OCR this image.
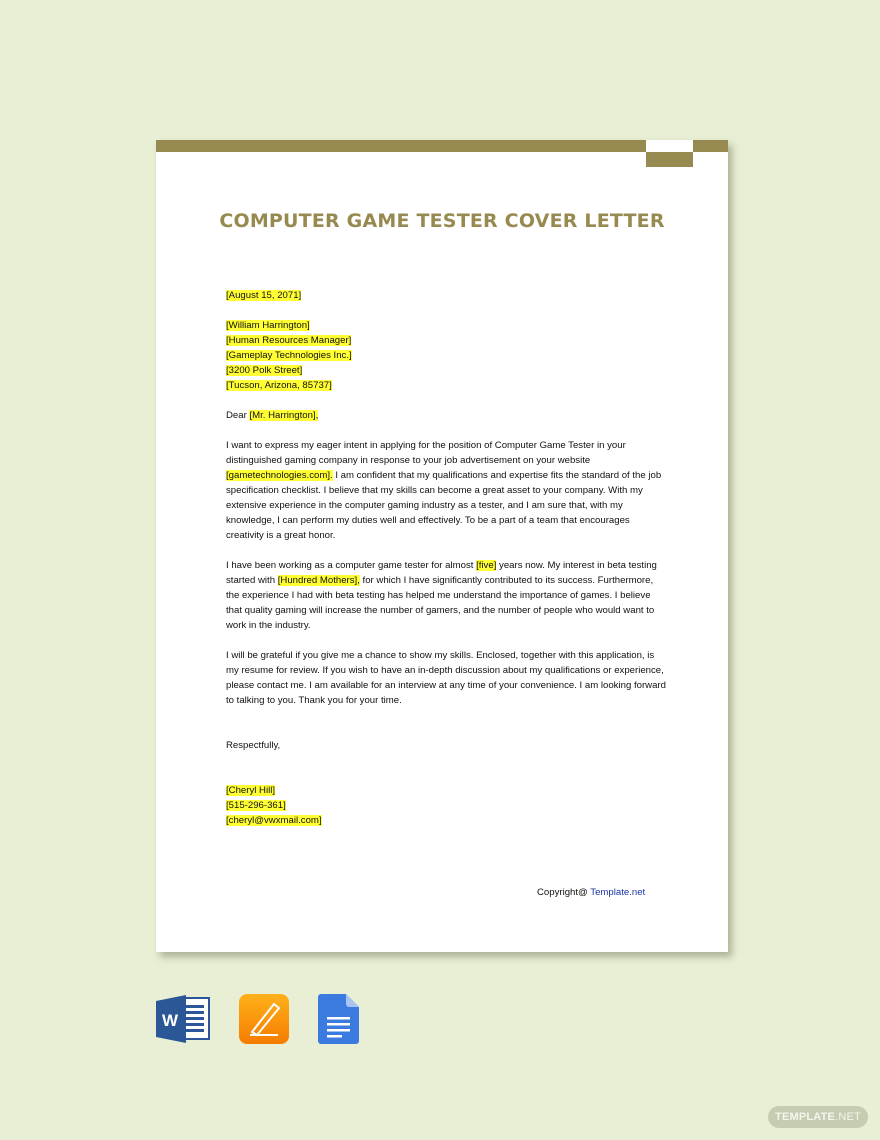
COMPUTER GAME TESTER COVER LETTER
[August 15, 2071]
[William Harrington]
[Human Resources Manager]
[Gameplay Technologies Inc.]
[3200 Polk Street]
[Tucson, Arizona, 85737]
Dear [Mr. Harrington],
I want to express my eager intent in applying for the position of Computer Game Tester in your distinguished gaming company in response to your job advertisement on your website [gametechnologies.com]. I am confident that my qualifications and expertise fits the standard of the job specification checklist. I believe that my skills can become a great asset to your company. With my extensive experience in the computer gaming industry as a tester, and I am sure that, with my knowledge, I can perform my duties well and effectively. To be a part of a team that encourages creativity is a great honor.
I have been working as a computer game tester for almost [five] years now. My interest in beta testing started with [Hundred Mothers], for which I have significantly contributed to its success. Furthermore, the experience I had with beta testing has helped me understand the importance of games. I believe that quality gaming will increase the number of gamers, and the number of people who would want to work in the industry.
I will be grateful if you give me a chance to show my skills. Enclosed, together with this application, is my resume for review. If you wish to have an in-depth discussion about my qualifications or experience, please contact me. I am available for an interview at any time of your convenience. I am looking forward to talking to you. Thank you for your time.
Respectfully,
[Cheryl Hill]
[515-296-361]
[cheryl@vwxmail.com]
Copyright@ Template.net
W
TEMPLATE.NET
